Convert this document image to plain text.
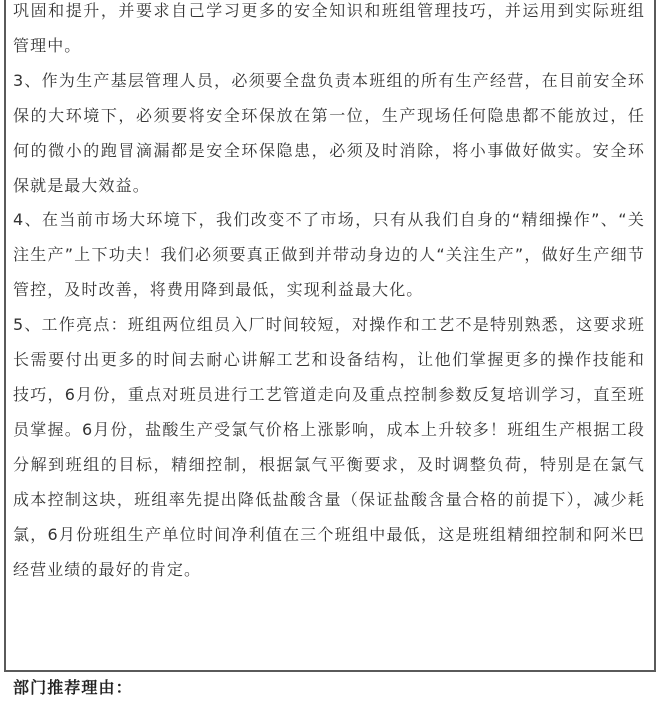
巩固和提升，并要求自己学习更多的安全知识和班组管理技巧，并运用到实际班组管理中。

3、作为生产基层管理人员，必须要全盘负责本班组的所有生产经营，在目前安全环保的大环境下，必须要将安全环保放在第一位，生产现场任何隐患都不能放过，任何的微小的跑冒滴漏都是安全环保隐患，必须及时消除，将小事做好做实。安全环保就是最大效益。

4、在当前市场大环境下，我们改变不了市场，只有从我们自身的“精细操作”、“关注生产”上下功夫！我们必须要真正做到并带动身边的人“关注生产”，做好生产细节管控，及时改善，将费用降到最低，实现利益最大化。

5、工作亮点：班组两位组员入厂时间较短，对操作和工艺不是特别熟悉，这要求班长需要付出更多的时间去耐心讲解工艺和设备结构，让他们掌握更多的操作技能和技巧，6月份，重点对班员进行工艺管道走向及重点控制参数反复培训学习，直至班员掌握。6月份，盐酸生产受氯气价格上涨影响，成本上升较多！班组生产根据工段分解到班组的目标，精细控制，根据氯气平衡要求，及时调整负荷，特别是在氯气成本控制这块，班组率先提出降低盐酸含量（保证盐酸含量合格的前提下），减少耗氯，6月份班组生产单位时间净利值在三个班组中最低，这是班组精细控制和阿米巴经营业绩的最好的肯定。

部门推荐理由：
